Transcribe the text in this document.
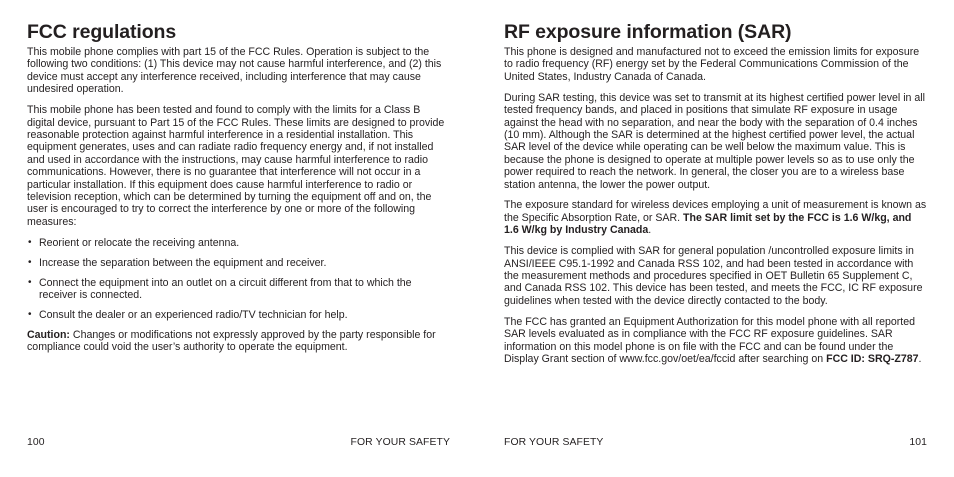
FCC regulations

This mobile phone complies with part 15 of the FCC Rules. Operation is subject to the following two conditions: (1) This device may not cause harmful interference, and (2) this device must accept any interference received, including interference that may cause undesired operation.

This mobile phone has been tested and found to comply with the limits for a Class B digital device, pursuant to Part 15 of the FCC Rules. These limits are designed to provide reasonable protection against harmful interference in a residential installation. This equipment generates, uses and can radiate radio frequency energy and, if not installed and used in accordance with the instructions, may cause harmful interference to radio communications. However, there is no guarantee that interference will not occur in a particular installation. If this equipment does cause harmful interference to radio or television reception, which can be determined by turning the equipment off and on, the user is encouraged to try to correct the interference by one or more of the following measures:

• Reorient or relocate the receiving antenna.
• Increase the separation between the equipment and receiver.
• Connect the equipment into an outlet on a circuit different from that to which the receiver is connected.
• Consult the dealer or an experienced radio/TV technician for help.

Caution: Changes or modifications not expressly approved by the party responsible for compliance could void the user’s authority to operate the equipment.

100	FOR YOUR SAFETY
RF exposure information (SAR)

This phone is designed and manufactured not to exceed the emission limits for exposure to radio frequency (RF) energy set by the Federal Communications Commission of the United States, Industry Canada of Canada.

During SAR testing, this device was set to transmit at its highest certified power level in all tested frequency bands, and placed in positions that simulate RF exposure in usage against the head with no separation, and near the body with the separation of 0.4 inches (10 mm). Although the SAR is determined at the highest certified power level, the actual SAR level of the device while operating can be well below the maximum value. This is because the phone is designed to operate at multiple power levels so as to use only the power required to reach the network. In general, the closer you are to a wireless base station antenna, the lower the power output.

The exposure standard for wireless devices employing a unit of measurement is known as the Specific Absorption Rate, or SAR. The SAR limit set by the FCC is 1.6 W/kg, and 1.6 W/kg by Industry Canada.

This device is complied with SAR for general population /uncontrolled exposure limits in ANSI/IEEE C95.1-1992 and Canada RSS 102, and had been tested in accordance with the measurement methods and procedures specified in OET Bulletin 65 Supplement C, and Canada RSS 102. This device has been tested, and meets the FCC, IC RF exposure guidelines when tested with the device directly contacted to the body.

The FCC has granted an Equipment Authorization for this model phone with all reported SAR levels evaluated as in compliance with the FCC RF exposure guidelines. SAR information on this model phone is on file with the FCC and can be found under the Display Grant section of www.fcc.gov/oet/ea/fccid after searching on FCC ID: SRQ-Z787.

FOR YOUR SAFETY	101
